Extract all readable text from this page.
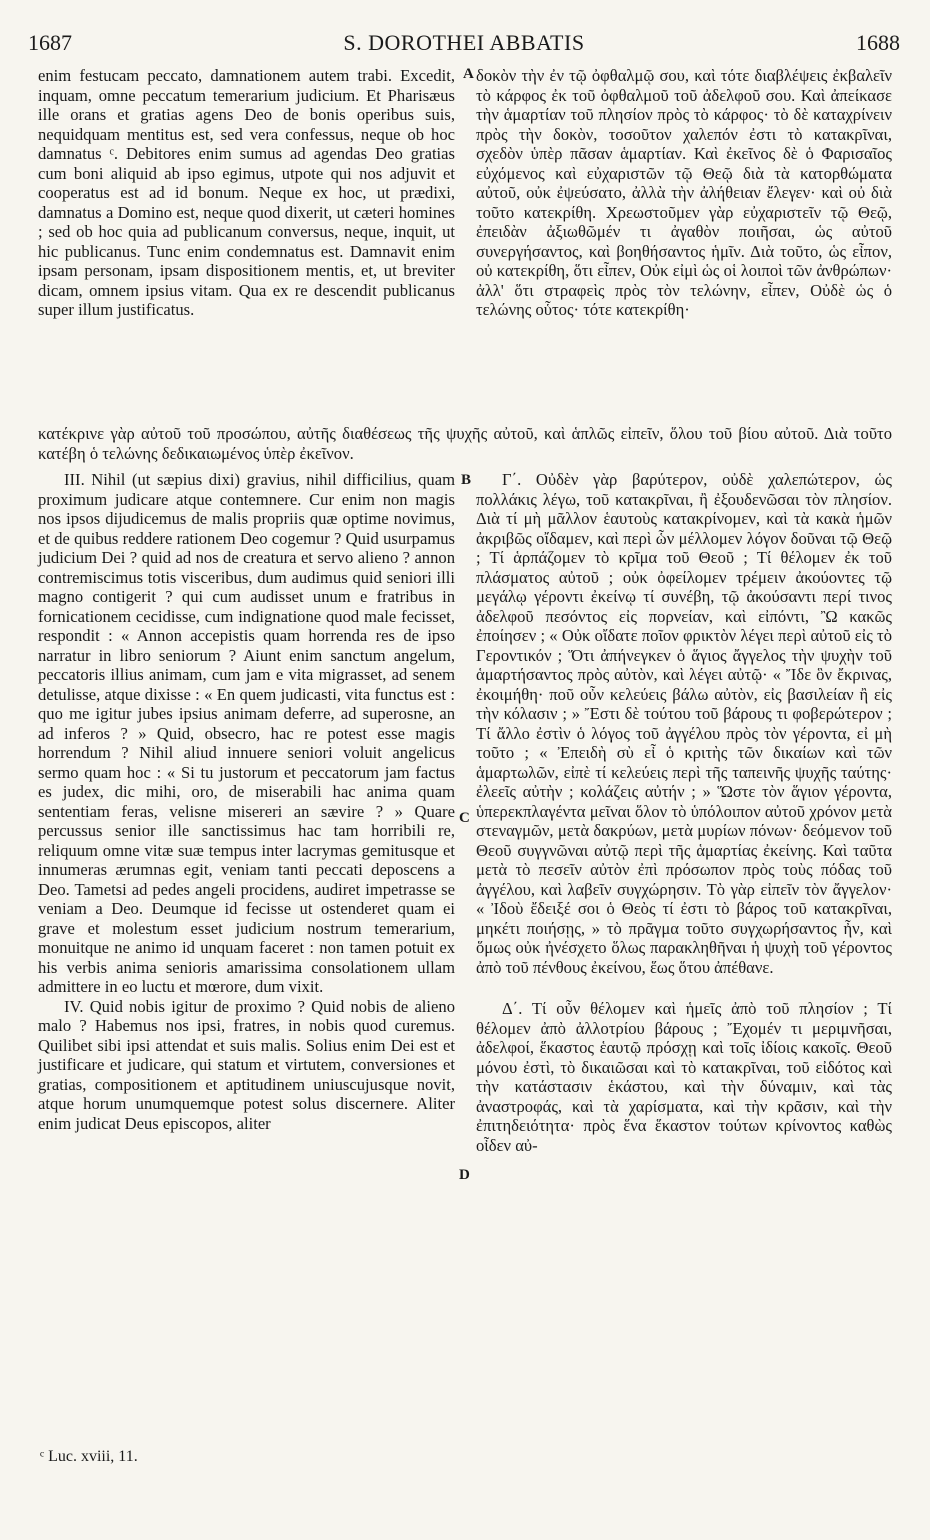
1687	S. DOROTHEI ABBATIS	1688

enim festucam peccato, damnationem autem trabi. Excedit, inquam, omne peccatum temerarium judicium. Et Pharisæus ille orans et gratias agens Deo de bonis operibus suis, nequidquam mentitus est, sed vera confessus, neque ob hoc damnatus ᶜ. Debitores enim sumus ad agendas Deo gratias cum boni aliquid ab ipso egimus, utpote qui nos adjuvit et cooperatus est ad id bonum. Neque ex hoc, ut prædixi, damnatus a Domino est, neque quod dixerit, ut cæteri homines ; sed ob hoc quia ad publicanum conversus, neque, inquit, ut hic publicanus. Tunc enim condemnatus est. Damnavit enim ipsam personam, ipsam dispositionem mentis, et, ut breviter dicam, omnem ipsius vitam. Qua ex re descendit publicanus super illum justificatus.

δοκὸν τὴν ἐν τῷ ὀφθαλμῷ σου, καὶ τότε διαβλέψεις ἐκβαλεῖν τὸ κάρφος ἐκ τοῦ ὀφθαλμοῦ τοῦ ἀδελφοῦ σου. Καὶ ἀπείκασε τὴν ἁμαρτίαν τοῦ πλησίον πρὸς τὸ κάρφος· τὸ δὲ καταχρίνειν πρὸς τὴν δοκὸν, τοσοῦτον χαλεπόν ἐστι τὸ κατακρῖναι, σχεδὸν ὑπὲρ πᾶσαν ἁμαρτίαν. Καὶ ἐκεῖνος δὲ ὁ Φαρισαῖος εὐχόμενος καὶ εὐχαριστῶν τῷ Θεῷ διὰ τὰ κατορθώματα αὐτοῦ, οὐκ ἐψεύσατο, ἀλλὰ τὴν ἀλήθειαν ἔλεγεν· καὶ οὐ διὰ τοῦτο κατεκρίθη. Χρεωστοῦμεν γὰρ εὐχαριστεῖν τῷ Θεῷ, ἐπειδὰν ἀξιωθῶμέν τι ἀγαθὸν ποιῆσαι, ὡς αὐτοῦ συνεργήσαντος, καὶ βοηθήσαντος ἡμῖν. Διὰ τοῦτο, ὡς εἶπον, οὐ κατεκρίθη, ὅτι εἶπεν, Οὐκ εἰμὶ ὡς οἱ λοιποὶ τῶν ἀνθρώπων· ἀλλ' ὅτι στραφεὶς πρὸς τὸν τελώνην, εἶπεν, Οὐδὲ ὡς ὁ τελώνης οὗτος· τότε κατεκρίθη·

κατέκρινε γὰρ αὐτοῦ τοῦ προσώπου, αὐτῆς διαθέσεως τῆς ψυχῆς αὐτοῦ, καὶ ἁπλῶς εἰπεῖν, ὅλου τοῦ βίου αὐτοῦ. Διὰ τοῦτο κατέβη ὁ τελώνης δεδικαιωμένος ὑπὲρ ἐκεῖνον.

III. Nihil (ut sæpius dixi) gravius, nihil difficilius, quam proximum judicare atque contemnere. Cur enim non magis nos ipsos dijudicemus de malis propriis quæ optime novimus, et de quibus reddere rationem Deo cogemur ? Quid usurpamus judicium Dei ? quid ad nos de creatura et servo alieno ? annon contremiscimus totis visceribus, dum audimus quid seniori illi magno contigerit ? qui cum audisset unum e fratribus in fornicationem cecidisse, cum indignatione quod male fecisset, respondit : « Annon accepistis quam horrenda res de ipso narratur in libro seniorum ? Aiunt enim sanctum angelum, peccatoris illius animam, cum jam e vita migrasset, ad senem detulisse, atque dixisse : « En quem judicasti, vita functus est : quo me igitur jubes ipsius animam deferre, ad superosne, an ad inferos ? » Quid, obsecro, hac re potest esse magis horrendum ? Nihil aliud innuere seniori voluit angelicus sermo quam hoc : « Si tu justorum et peccatorum jam factus es judex, dic mihi, oro, de miserabili hac anima quam sententiam feras, velisne misereri an sævire ? » Quare percussus senior ille sanctissimus hac tam horribili re, reliquum omne vitæ suæ tempus inter lacrymas gemitusque et innumeras ærumnas egit, veniam tanti peccati deposcens a Deo. Tametsi ad pedes angeli procidens, audiret impetrasse se veniam a Deo. Deumque id fecisse ut ostenderet quam ei grave et molestum esset judicium nostrum temerarium, monuitque ne animo id unquam faceret : non tamen potuit ex his verbis anima senioris amarissima consolationem ullam admittere in eo luctu et mœrore, dum vixit.

IV. Quid nobis igitur de proximo ? Quid nobis de alieno malo ? Habemus nos ipsi, fratres, in nobis quod curemus. Quilibet sibi ipsi attendat et suis malis. Solius enim Dei est et justificare et judicare, qui statum et virtutem, conversiones et gratias, compositionem et aptitudinem uniuscujusque novit, atque horum unumquemque potest solus discernere. Aliter enim judicat Deus episcopos, aliter

Γ΄. Οὐδὲν γὰρ βαρύτερον, οὐδὲ χαλεπώτερον, ὡς πολλάκις λέγω, τοῦ κατακρῖναι, ἢ ἐξουδενῶσαι τὸν πλησίον. Διὰ τί μὴ μᾶλλον ἑαυτοὺς κατακρίνομεν, καὶ τὰ κακὰ ἡμῶν ἀκριβῶς οἴδαμεν, καὶ περὶ ὧν μέλλομεν λόγον δοῦναι τῷ Θεῷ ; Τί ἁρπάζομεν τὸ κρῖμα τοῦ Θεοῦ ; Τί θέλομεν ἐκ τοῦ πλάσματος αὐτοῦ ; οὐκ ὀφείλομεν τρέμειν ἀκούοντες τῷ μεγάλῳ γέροντι ἐκείνῳ τί συνέβη, τῷ ἀκούσαντι περί τινος ἀδελφοῦ πεσόντος εἰς πορνείαν, καὶ εἰπόντι, Ὢ κακῶς ἐποίησεν ; « Οὐκ οἴδατε ποῖον φρικτὸν λέγει περὶ αὐτοῦ εἰς τὸ Γεροντικόν ; Ὅτι ἀπήνεγκεν ὁ ἅγιος ἄγγελος τὴν ψυχὴν τοῦ ἁμαρτήσαντος πρὸς αὐτὸν, καὶ λέγει αὐτῷ· « Ἴδε ὃν ἔκρινας, ἐκοιμήθη· ποῦ οὖν κελεύεις βάλω αὐτὸν, εἰς βασιλείαν ἢ εἰς τὴν κόλασιν ; » Ἔστι δὲ τούτου τοῦ βάρους τι φοβερώτερον ; Τί ἄλλο ἐστὶν ὁ λόγος τοῦ ἀγγέλου πρὸς τὸν γέροντα, εἰ μὴ τοῦτο ; « Ἐπειδὴ σὺ εἶ ὁ κριτὴς τῶν δικαίων καὶ τῶν ἁμαρτωλῶν, εἰπὲ τί κελεύεις περὶ τῆς ταπεινῆς ψυχῆς ταύτης· ἐλεεῖς αὐτὴν ; κολάζεις αὐτήν ; » Ὥστε τὸν ἅγιον γέροντα, ὑπερεκπλαγέντα μεῖναι ὅλον τὸ ὑπόλοιπον αὐτοῦ χρόνον μετὰ στεναγμῶν, μετὰ δακρύων, μετὰ μυρίων πόνων· δεόμενον τοῦ Θεοῦ συγγνῶναι αὐτῷ περὶ τῆς ἁμαρτίας ἐκείνης. Καὶ ταῦτα μετὰ τὸ πεσεῖν αὐτὸν ἐπὶ πρόσωπον πρὸς τοὺς πόδας τοῦ ἀγγέλου, καὶ λαβεῖν συγχώρησιν. Τὸ γὰρ εἰπεῖν τὸν ἄγγελον· « Ἰδοὺ ἔδειξέ σοι ὁ Θεὸς τί ἐστι τὸ βάρος τοῦ κατακρῖναι, μηκέτι ποιήσῃς, » τὸ πρᾶγμα τοῦτο συγχωρήσαντος ἦν, καὶ ὅμως οὐκ ἠνέσχετο ὅλως παρακληθῆναι ἡ ψυχὴ τοῦ γέροντος ἀπὸ τοῦ πένθους ἐκείνου, ἕως ὅτου ἀπέθανε.

Δ΄. Τί οὖν θέλομεν καὶ ἡμεῖς ἀπὸ τοῦ πλησίον ; Τί θέλομεν ἀπὸ ἀλλοτρίου βάρους ; Ἔχομέν τι μεριμνῆσαι, ἀδελφοί, ἕκαστος ἑαυτῷ πρόσχῃ καὶ τοῖς ἰδίοις κακοῖς. Θεοῦ μόνου ἐστὶ, τὸ δικαιῶσαι καὶ τὸ κατακρῖναι, τοῦ εἰδότος καὶ τὴν κατάστασιν ἑκάστου, καὶ τὴν δύναμιν, καὶ τὰς ἀναστροφάς, καὶ τὰ χαρίσματα, καὶ τὴν κρᾶσιν, καὶ τὴν ἐπιτηδειότητα· πρὸς ἕνα ἕκαστον τούτων κρίνοντος καθὼς οἶδεν αὐ-

A
B
C
D
ᶜ Luc. xviii, 11.
